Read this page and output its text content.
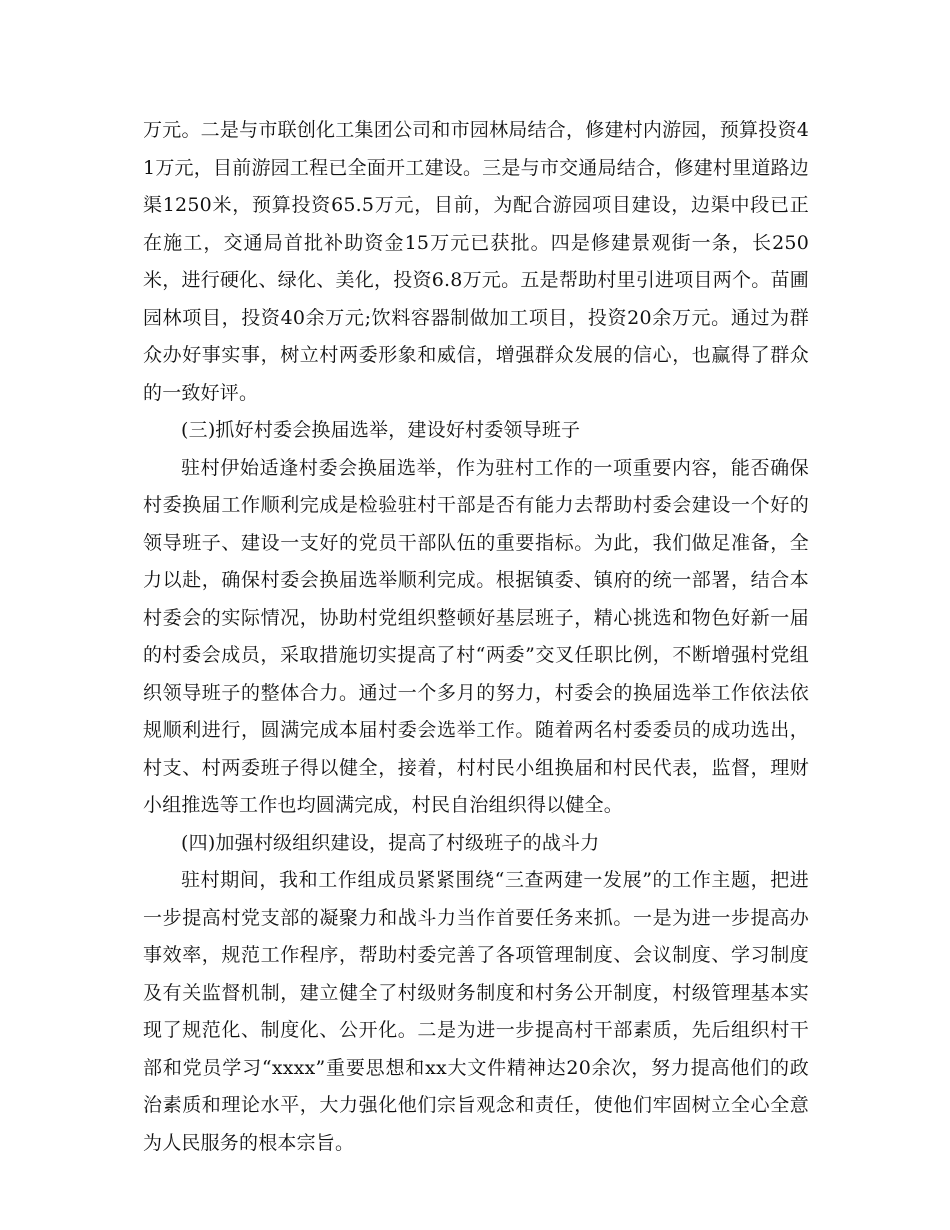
万元。二是与市联创化工集团公司和市园林局结合，修建村内游园，预算投资41万元，目前游园工程已全面开工建设。三是与市交通局结合，修建村里道路边渠1250米，预算投资65.5万元，目前，为配合游园项目建设，边渠中段已正在施工，交通局首批补助资金15万元已获批。四是修建景观街一条，长250米，进行硬化、绿化、美化，投资6.8万元。五是帮助村里引进项目两个。苗圃园林项目，投资40余万元;饮料容器制做加工项目，投资20余万元。通过为群众办好事实事，树立村两委形象和威信，增强群众发展的信心，也赢得了群众的一致好评。

(三)抓好村委会换届选举，建设好村委领导班子

驻村伊始适逢村委会换届选举，作为驻村工作的一项重要内容，能否确保村委换届工作顺利完成是检验驻村干部是否有能力去帮助村委会建设一个好的领导班子、建设一支好的党员干部队伍的重要指标。为此，我们做足准备，全力以赴，确保村委会换届选举顺利完成。根据镇委、镇府的统一部署，结合本村委会的实际情况，协助村党组织整顿好基层班子，精心挑选和物色好新一届的村委会成员，采取措施切实提高了村“两委”交叉任职比例，不断增强村党组织领导班子的整体合力。通过一个多月的努力，村委会的换届选举工作依法依规顺利进行，圆满完成本届村委会选举工作。随着两名村委委员的成功选出，村支、村两委班子得以健全，接着，村村民小组换届和村民代表，监督，理财小组推选等工作也均圆满完成，村民自治组织得以健全。

(四)加强村级组织建设，提高了村级班子的战斗力

驻村期间，我和工作组成员紧紧围绕“三查两建一发展”的工作主题，把进一步提高村党支部的凝聚力和战斗力当作首要任务来抓。一是为进一步提高办事效率，规范工作程序，帮助村委完善了各项管理制度、会议制度、学习制度及有关监督机制，建立健全了村级财务制度和村务公开制度，村级管理基本实现了规范化、制度化、公开化。二是为进一步提高村干部素质，先后组织村干部和党员学习“xxxx”重要思想和xx大文件精神达20余次，努力提高他们的政治素质和理论水平，大力强化他们宗旨观念和责任，使他们牢固树立全心全意为人民服务的根本宗旨。
